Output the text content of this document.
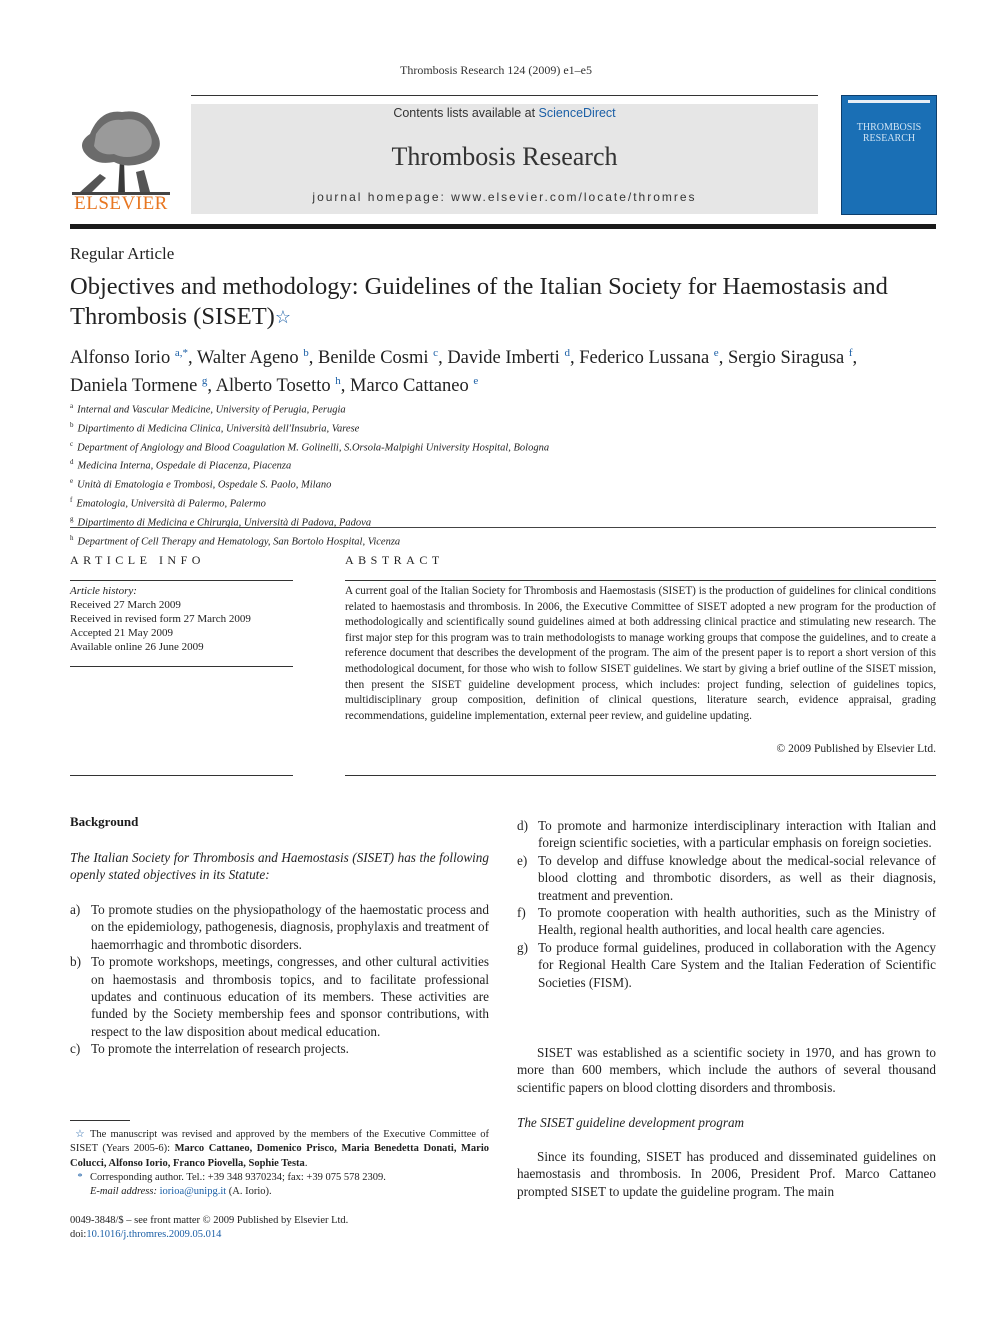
Thrombosis Research 124 (2009) e1–e5
ELSEVIER
Contents lists available at ScienceDirect
Thrombosis Research
journal homepage: www.elsevier.com/locate/thromres
THROMBOSIS RESEARCH
Regular Article
Objectives and methodology: Guidelines of the Italian Society for Haemostasis and Thrombosis (SISET)☆
Alfonso Iorio $^{a,*}$, Walter Ageno $^b$, Benilde Cosmi $^c$, Davide Imberti $^d$, Federico Lussana $^e$, Sergio Siragusa $^f$,
Daniela Tormene $^g$, Alberto Tosetto $^h$, Marco Cattaneo $^e$
$^a$ Internal and Vascular Medicine, University of Perugia, Perugia
$^b$ Dipartimento di Medicina Clinica, Università dell'Insubria, Varese
$^c$ Department of Angiology and Blood Coagulation M. Golinelli, S.Orsola-Malpighi University Hospital, Bologna
$^d$ Medicina Interna, Ospedale di Piacenza, Piacenza
$^e$ Unità di Ematologia e Trombosi, Ospedale S. Paolo, Milano
$^f$ Ematologia, Università di Palermo, Palermo
$^g$ Dipartimento di Medicina e Chirurgia, Università di Padova, Padova
$^h$ Department of Cell Therapy and Hematology, San Bortolo Hospital, Vicenza
ARTICLE INFO
Article history:
Received 27 March 2009
Received in revised form 27 March 2009
Accepted 21 May 2009
Available online 26 June 2009
ABSTRACT
A current goal of the Italian Society for Thrombosis and Haemostasis (SISET) is the production of guidelines for clinical conditions related to haemostasis and thrombosis. In 2006, the Executive Committee of SISET adopted a new program for the production of methodologically and scientifically sound guidelines aimed at both addressing clinical practice and stimulating new research. The first major step for this program was to train methodologists to manage working groups that compose the guidelines, and to create a reference document that describes the development of the program. The aim of the present paper is to report a short version of this methodological document, for those who wish to follow SISET guidelines. We start by giving a brief outline of the SISET mission, then present the SISET guideline development process, which includes: project funding, selection of guidelines topics, multidisciplinary group composition, definition of clinical questions, literature search, evidence appraisal, grading recommendations, guideline implementation, external peer review, and guideline updating.
© 2009 Published by Elsevier Ltd.
Background
The Italian Society for Thrombosis and Haemostasis (SISET) has the following openly stated objectives in its Statute:
a) To promote studies on the physiopathology of the haemostatic process and on the epidemiology, pathogenesis, diagnosis, prophylaxis and treatment of haemorrhagic and thrombotic disorders.
b) To promote workshops, meetings, congresses, and other cultural activities on haemostasis and thrombosis topics, and to facilitate professional updates and continuous education of its members. These activities are funded by the Society membership fees and sponsor contributions, with respect to the law disposition about medical education.
c) To promote the interrelation of research projects.
d) To promote and harmonize interdisciplinary interaction with Italian and foreign scientific societies, with a particular emphasis on foreign societies.
e) To develop and diffuse knowledge about the medical-social relevance of blood clotting and thrombotic disorders, as well as their diagnosis, treatment and prevention.
f) To promote cooperation with health authorities, such as the Ministry of Health, regional health authorities, and local health care agencies.
g) To produce formal guidelines, produced in collaboration with the Agency for Regional Health Care System and the Italian Federation of Scientific Societies (FISM).
SISET was established as a scientific society in 1970, and has grown to more than 600 members, which include the authors of several thousand scientific papers on blood clotting disorders and thrombosis.
The SISET guideline development program
Since its founding, SISET has produced and disseminated guidelines on haemostasis and thrombosis. In 2006, President Prof. Marco Cattaneo prompted SISET to update the guideline program. The main
☆ The manuscript was revised and approved by the members of the Executive Committee of SISET (Years 2005-6): Marco Cattaneo, Domenico Prisco, Maria Benedetta Donati, Mario Colucci, Alfonso Iorio, Franco Piovella, Sophie Testa.
* Corresponding author. Tel.: +39 348 9370234; fax: +39 075 578 2309.
E-mail address: iorioa@unipg.it (A. Iorio).
0049-3848/$ – see front matter © 2009 Published by Elsevier Ltd.
doi:10.1016/j.thromres.2009.05.014
